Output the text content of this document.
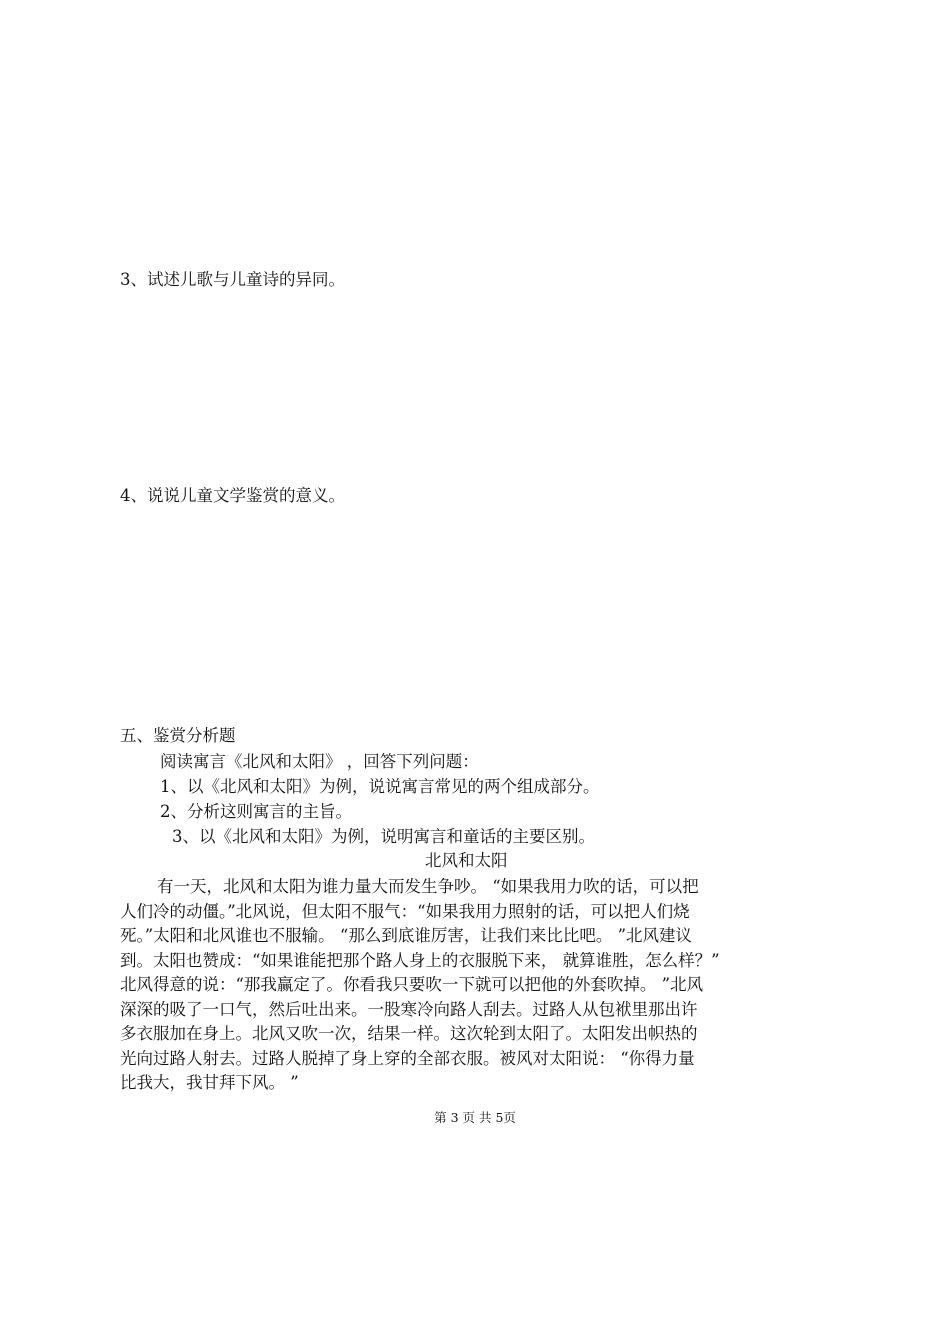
3、试述儿歌与儿童诗的异同。
4、说说儿童文学鉴赏的意义。
五、鉴赏分析题
阅读寓言《北风和太阳》 ，回答下列问题：
1、以《北风和太阳》为例，说说寓言常见的两个组成部分。
2、分析这则寓言的主旨。
3、以《北风和太阳》为例，说明寓言和童话的主要区别。
北风和太阳
有一天，北风和太阳为谁力量大而发生争吵。 “如果我用力吹的话，可以把
人们冷的动僵。”北风说，但太阳不服气：“如果我用力照射的话，可以把人们烧
死。”太阳和北风谁也不服输。 “那么到底谁厉害，让我们来比比吧。 ”北风建议
到。太阳也赞成：“如果谁能把那个路人身上的衣服脱下来， 就算谁胜，怎么样？”
北风得意的说：“那我赢定了。你看我只要吹一下就可以把他的外套吹掉。 ”北风
深深的吸了一口气，然后吐出来。一股寒冷向路人刮去。过路人从包袱里那出许
多衣服加在身上。北风又吹一次，结果一样。这次轮到太阳了。太阳发出帜热的
光向过路人射去。过路人脱掉了身上穿的全部衣服。被风对太阳说： “你得力量
比我大，我甘拜下风。 ”
第 3 页 共 5页
